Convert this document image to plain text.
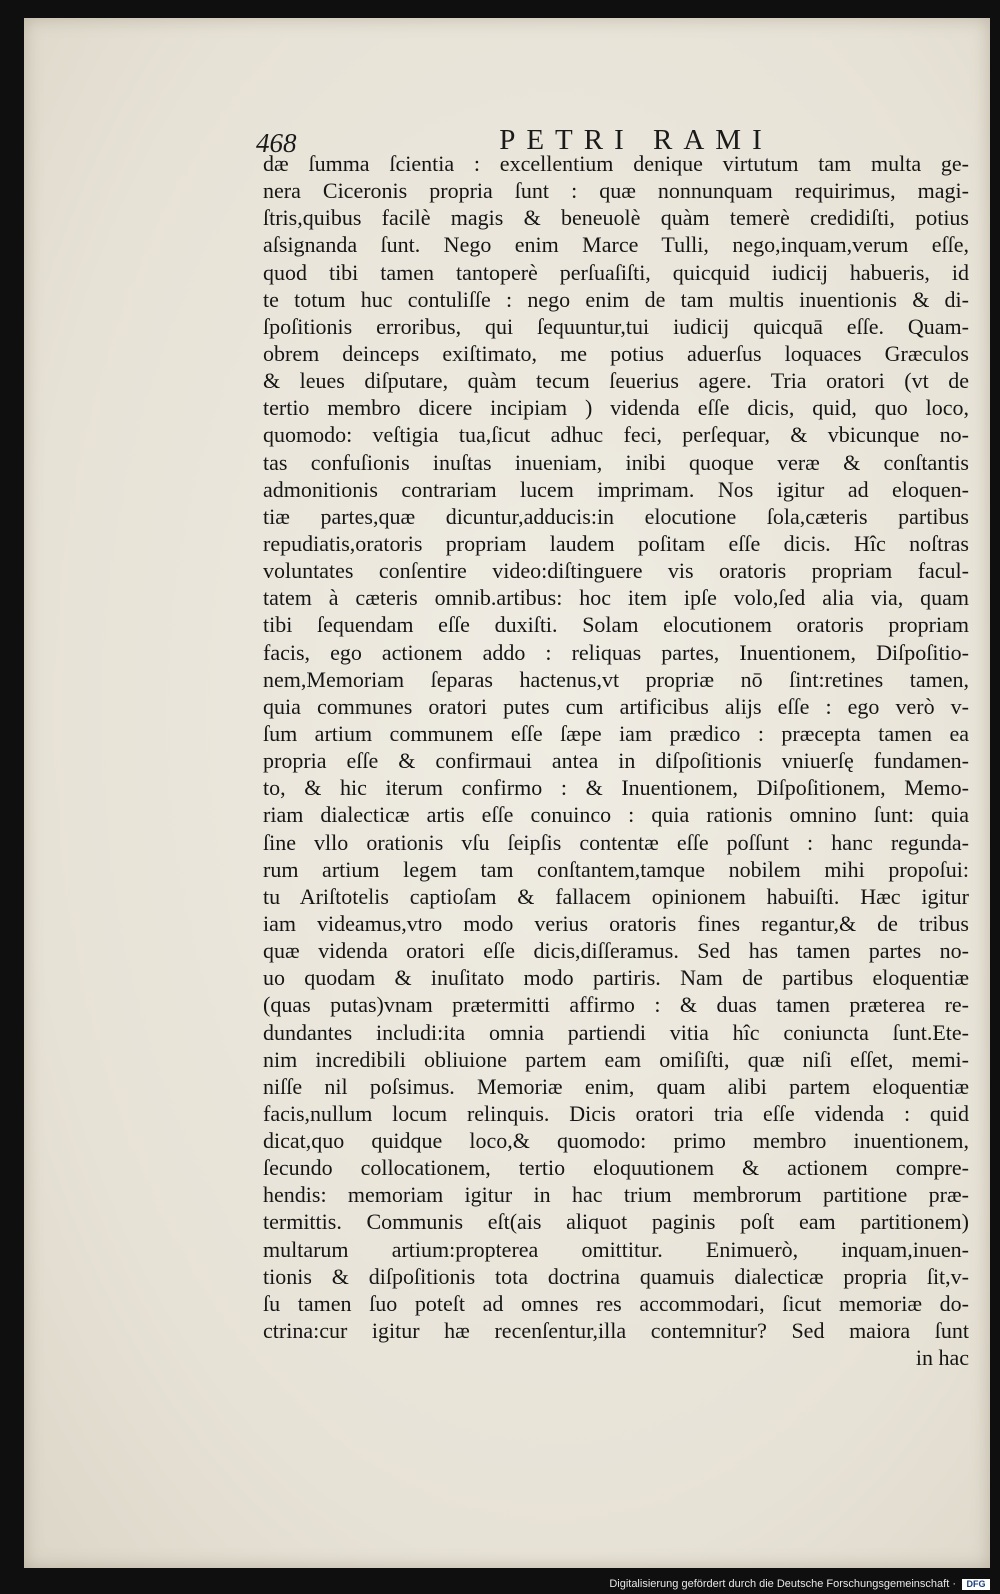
468	PETRI RAMI
dæ ſumma ſcientia : excellentium denique virtutum tam multa ge-
nera Ciceronis propria ſunt : quæ nonnunquam requirimus, magi-
ſtris,quibus facilè magis & beneuolè quàm temerè credidiſti, potius
aſsignanda ſunt. Nego enim Marce Tulli, nego,inquam,verum eſſe,
quod tibi tamen tantoperè perſuaſiſti, quicquid iudicij habueris, id
te totum huc contuliſſe : nego enim de tam multis inuentionis & di-
ſpoſitionis erroribus, qui ſequuntur,tui iudicij quicquā eſſe. Quam-
obrem deinceps exiſtimato, me potius aduerſus loquaces Græculos
& leues diſputare, quàm tecum ſeuerius agere. Tria oratori (vt de
tertio membro dicere incipiam ) videnda eſſe dicis, quid, quo loco,
quomodo: veſtigia tua,ſicut adhuc feci, perſequar, & vbicunque no-
tas confuſionis inuſtas inueniam, inibi quoque veræ & conſtantis
admonitionis contrariam lucem imprimam. Nos igitur ad eloquen-
tiæ partes,quæ dicuntur,adducis:in elocutione ſola,cæteris partibus
repudiatis,oratoris propriam laudem poſitam eſſe dicis. Hîc noſtras
voluntates conſentire video:diſtinguere vis oratoris propriam facul-
tatem à cæteris omnib.artibus: hoc item ipſe volo,ſed alia via, quam
tibi ſequendam eſſe duxiſti. Solam elocutionem oratoris propriam
facis, ego actionem addo : reliquas partes, Inuentionem, Diſpoſitio-
nem,Memoriam ſeparas hactenus,vt propriæ nō ſint:retines tamen,
quia communes oratori putes cum artificibus alijs eſſe : ego verò v-
ſum artium communem eſſe ſæpe iam prædico : præcepta tamen ea
propria eſſe & confirmaui antea in diſpoſitionis vniuerſę fundamen-
to, & hic iterum confirmo : & Inuentionem, Diſpoſitionem, Memo-
riam dialecticæ artis eſſe conuinco : quia rationis omnino ſunt: quia
ſine vllo orationis vſu ſeipſis contentæ eſſe poſſunt : hanc regunda-
rum artium legem tam conſtantem,tamque nobilem mihi propoſui:
tu Ariſtotelis captioſam & fallacem opinionem habuiſti. Hæc igitur
iam videamus,vtro modo verius oratoris fines regantur,& de tribus
quæ videnda oratori eſſe dicis,diſſeramus. Sed has tamen partes no-
uo quodam & inuſitato modo partiris. Nam de partibus eloquentiæ
(quas putas)vnam prætermitti affirmo : & duas tamen præterea re-
dundantes includi:ita omnia partiendi vitia hîc coniuncta ſunt.Ete-
nim incredibili obliuione partem eam omiſiſti, quæ niſi eſſet, memi-
niſſe nil poſsimus. Memoriæ enim, quam alibi partem eloquentiæ
facis,nullum locum relinquis. Dicis oratori tria eſſe videnda : quid
dicat,quo quidque loco,& quomodo: primo membro inuentionem,
ſecundo collocationem, tertio eloquutionem & actionem compre-
hendis: memoriam igitur in hac trium membrorum partitione præ-
termittis. Communis eſt(ais aliquot paginis poſt eam partitionem)
multarum artium:propterea omittitur. Enimuerò, inquam,inuen-
tionis & diſpoſitionis tota doctrina quamuis dialecticæ propria ſit,v-
ſu tamen ſuo poteſt ad omnes res accommodari, ſicut memoriæ do-
ctrina:cur igitur hæ recenſentur,illa contemnitur? Sed maiora ſunt
in hac
Digitalisierung gefördert durch die Deutsche Forschungsgemeinschaft ·	DFG
